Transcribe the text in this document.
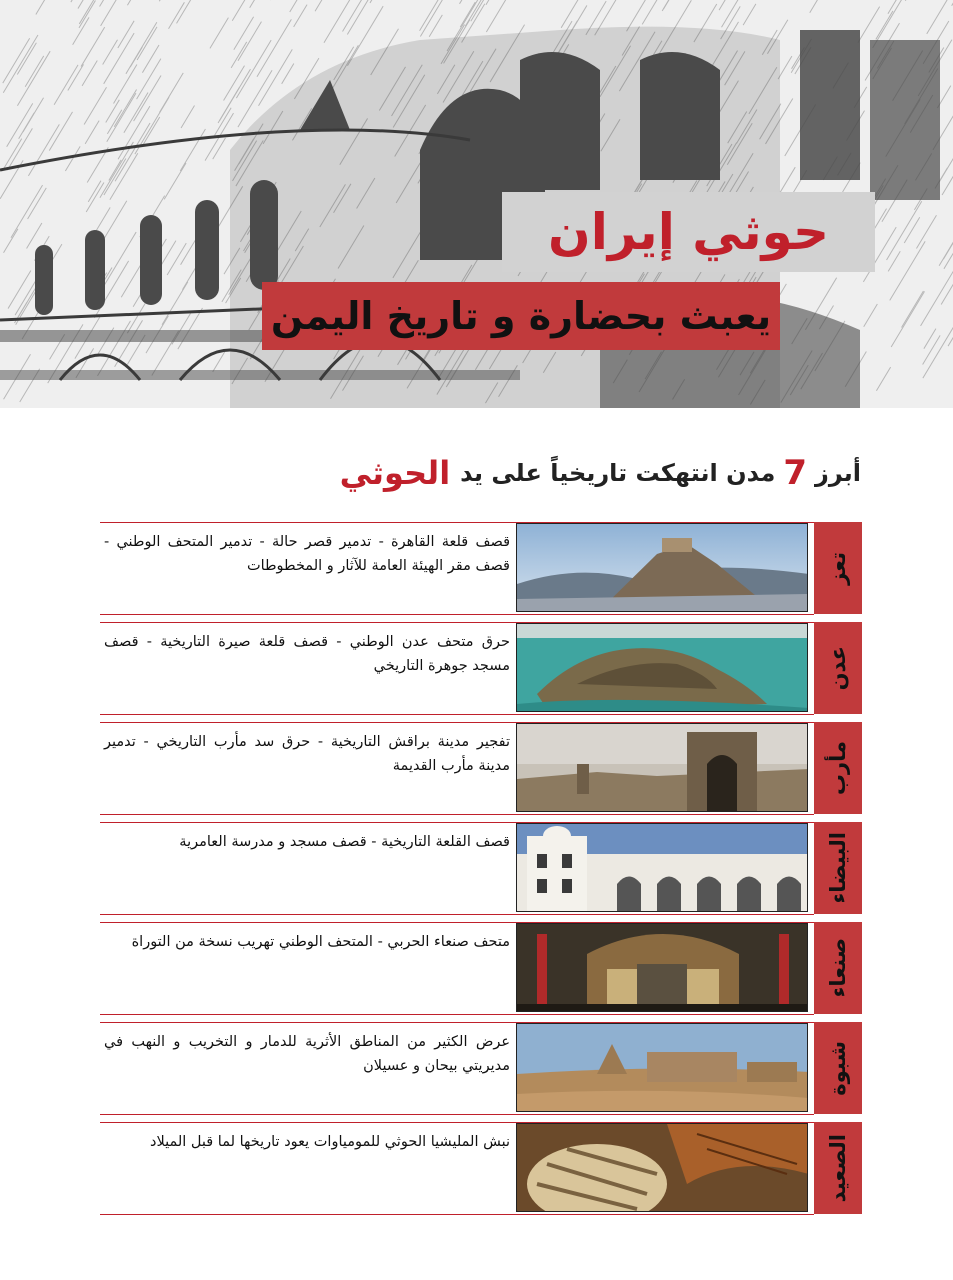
حوثي إيران
يعبث بحضارة و تاريخ اليمن
أبرز
7
مدن انتهكت تاريخياً على يد
الحوثي
قصف قلعة القاهرة - تدمير قصر حالة - تدمير المتحف الوطني - قصف مقر الهيئة العامة للآثار و المخطوطات	تعز
حرق متحف عدن الوطني - قصف قلعة صيرة التاريخية - قصف مسجد جوهرة التاريخي	عدن
تفجير مدينة براقش التاريخية - حرق سد مأرب التاريخي - تدمير مدينة مأرب القديمة	مأرب
قصف القلعة التاريخية - قصف مسجد و مدرسة العامرية	البيضاء
متحف صنعاء الحربي - المتحف الوطني تهريب نسخة من التوراة	صنعاء
عرض الكثير من المناطق الأثرية للدمار و التخريب و النهب في مديريتي بيحان و عسيلان	شبوة
نبش المليشيا الحوثي للمومياوات يعود تاريخها لما قبل الميلاد	الصعيد
